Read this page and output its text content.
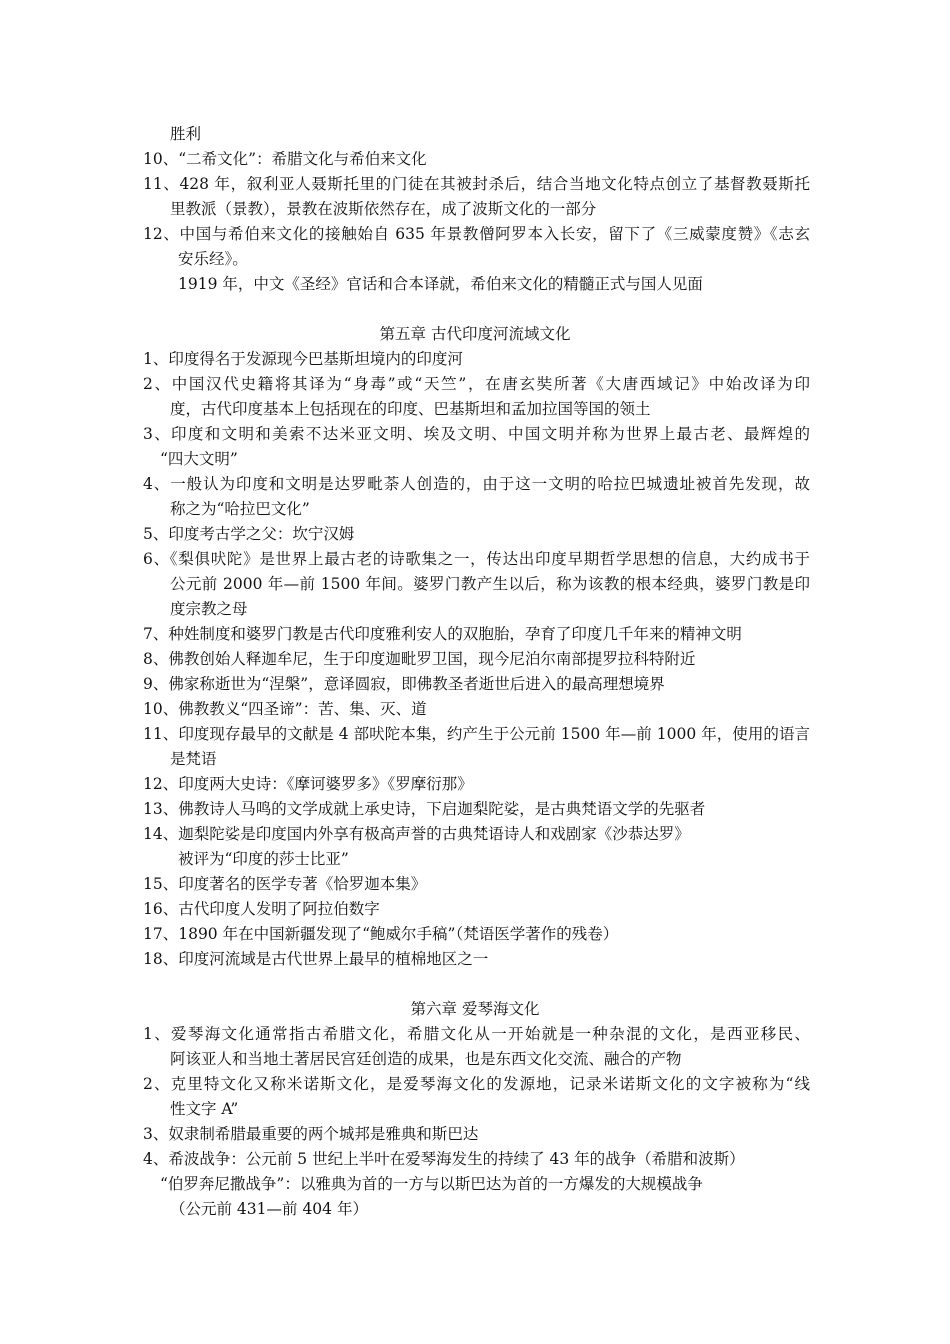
胜利
10、“二希文化”：希腊文化与希伯来文化
11、428 年，叙利亚人聂斯托里的门徒在其被封杀后，结合当地文化特点创立了基督教聂斯托
里教派（景教），景教在波斯依然存在，成了波斯文化的一部分
12、中国与希伯来文化的接触始自 635 年景教僧阿罗本入长安，留下了《三威蒙度赞》《志玄
安乐经》。
1919 年，中文《圣经》官话和合本译就，希伯来文化的精髓正式与国人见面
第五章 古代印度河流域文化
1、印度得名于发源现今巴基斯坦境内的印度河
2、中国汉代史籍将其译为“身毒”或“天竺”，在唐玄奘所著《大唐西域记》中始改译为印
度，古代印度基本上包括现在的印度、巴基斯坦和孟加拉国等国的领土
3、印度和文明和美索不达米亚文明、埃及文明、中国文明并称为世界上最古老、最辉煌的
“四大文明”
4、一般认为印度和文明是达罗毗荼人创造的，由于这一文明的哈拉巴城遗址被首先发现，故
称之为“哈拉巴文化”
5、印度考古学之父：坎宁汉姆
6、《梨俱吠陀》是世界上最古老的诗歌集之一，传达出印度早期哲学思想的信息，大约成书于
公元前 2000 年—前 1500 年间。婆罗门教产生以后，称为该教的根本经典，婆罗门教是印
度宗教之母
7、种姓制度和婆罗门教是古代印度雅利安人的双胞胎，孕育了印度几千年来的精神文明
8、佛教创始人释迦牟尼，生于印度迦毗罗卫国，现今尼泊尔南部提罗拉科特附近
9、佛家称逝世为“涅槃”，意译圆寂，即佛教圣者逝世后进入的最高理想境界
10、佛教教义“四圣谛”：苦、集、灭、道
11、印度现存最早的文献是 4 部吠陀本集，约产生于公元前 1500 年—前 1000 年，使用的语言
是梵语
12、印度两大史诗：《摩诃婆罗多》《罗摩衍那》
13、佛教诗人马鸣的文学成就上承史诗，下启迦梨陀娑，是古典梵语文学的先驱者
14、迦梨陀娑是印度国内外享有极高声誉的古典梵语诗人和戏剧家《沙恭达罗》
被评为“印度的莎士比亚”
15、印度著名的医学专著《恰罗迦本集》
16、古代印度人发明了阿拉伯数字
17、1890 年在中国新疆发现了“鲍威尔手稿”（梵语医学著作的残卷）
18、印度河流域是古代世界上最早的植棉地区之一
第六章 爱琴海文化
1、爱琴海文化通常指古希腊文化，希腊文化从一开始就是一种杂混的文化，是西亚移民、
阿该亚人和当地土著居民宫廷创造的成果，也是东西文化交流、融合的产物
2、克里特文化又称米诺斯文化，是爱琴海文化的发源地，记录米诺斯文化的文字被称为“线
性文字 A”
3、奴隶制希腊最重要的两个城邦是雅典和斯巴达
4、希波战争：公元前 5 世纪上半叶在爱琴海发生的持续了 43 年的战争（希腊和波斯）
“伯罗奔尼撒战争”：以雅典为首的一方与以斯巴达为首的一方爆发的大规模战争
（公元前 431—前 404 年）
